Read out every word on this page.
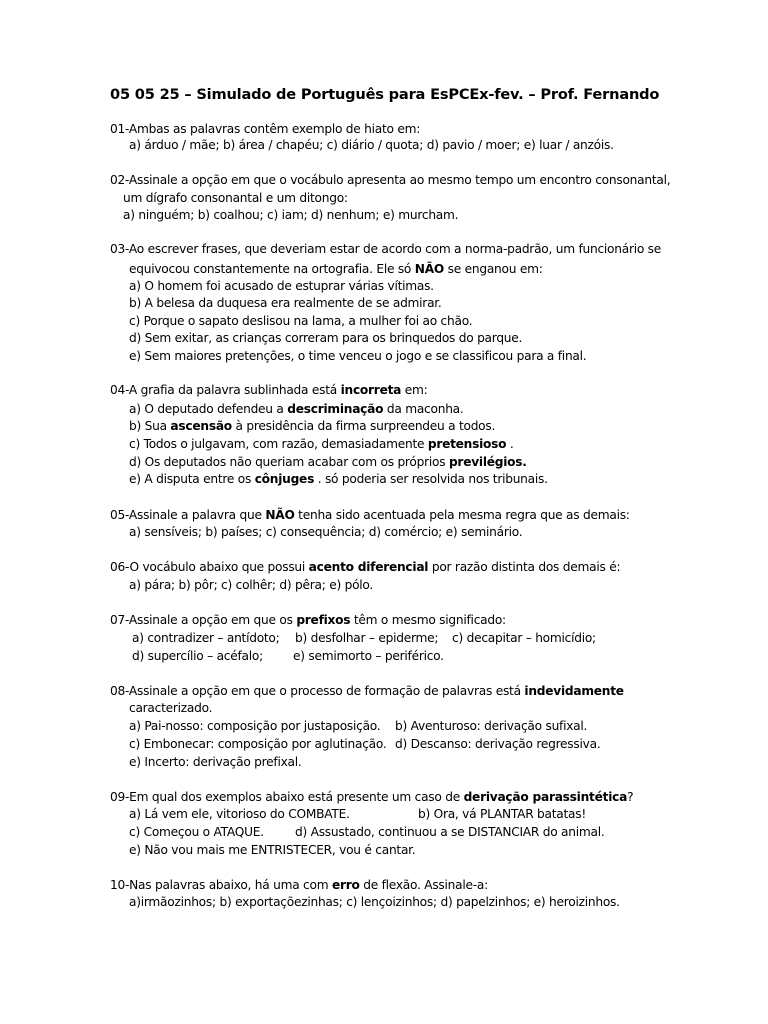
05 05 25 – Simulado de Português para EsPCEx-fev. – Prof. Fernando
01-Ambas as palavras contêm exemplo de hiato em:
a) árduo / mãe; b) área / chapéu; c) diário / quota; d) pavio / moer; e) luar / anzóis.
02-Assinale a opção em que o vocábulo apresenta ao mesmo tempo um encontro consonantal,
um dígrafo consonantal e um ditongo:
a) ninguém; b) coalhou; c) iam; d) nenhum; e) murcham.
03-Ao escrever frases, que deveriam estar de acordo com a norma-padrão, um funcionário se
equivocou constantemente na ortografia. Ele só NÃO se enganou em:
a) O homem foi acusado de estuprar várias vítimas.
b) A belesa da duquesa era realmente de se admirar.
c) Porque o sapato deslisou na lama, a mulher foi ao chão.
d) Sem exitar, as crianças correram para os brinquedos do parque.
e) Sem maiores pretenções, o time venceu o jogo e se classificou para a final.
04-A grafia da palavra sublinhada está incorreta em:
a) O deputado defendeu a descriminação da maconha.
b) Sua ascensão à presidência da firma surpreendeu a todos.
c) Todos o julgavam, com razão, demasiadamente pretensioso .
d) Os deputados não queriam acabar com os próprios previlégios.
e) A disputa entre os cônjuges . só poderia ser resolvida nos tribunais.
05-Assinale a palavra que NÃO tenha sido acentuada pela mesma regra que as demais:
a) sensíveis; b) países; c) consequência; d) comércio; e) seminário.
06-O vocábulo abaixo que possui acento diferencial por razão distinta dos demais é:
a) pára; b) pôr; c) colhêr; d) pêra; e) pólo.
07-Assinale a opção em que os prefixos têm o mesmo significado:
a) contradizer – antídoto; b) desfolhar – epiderme; c) decapitar – homicídio;
d) supercílio – acéfalo; e) semimorto – periférico.
08-Assinale a opção em que o processo de formação de palavras está indevidamente
caracterizado.
a) Pai-nosso: composição por justaposição. b) Aventuroso: derivação sufixal.
c) Embonecar: composição por aglutinação. d) Descanso: derivação regressiva.
e) Incerto: derivação prefixal.
09-Em qual dos exemplos abaixo está presente um caso de derivação parassintética?
a) Lá vem ele, vitorioso do COMBATE.	b) Ora, vá PLANTAR batatas!
c) Começou o ATAQUE.	d) Assustado, continuou a se DISTANCIAR do animal.
e) Não vou mais me ENTRISTECER, vou é cantar.
10-Nas palavras abaixo, há uma com erro de flexão. Assinale-a:
a)irmãozinhos; b) exportaçõezinhas; c) lençoizinhos; d) papelzinhos; e) heroizinhos.
